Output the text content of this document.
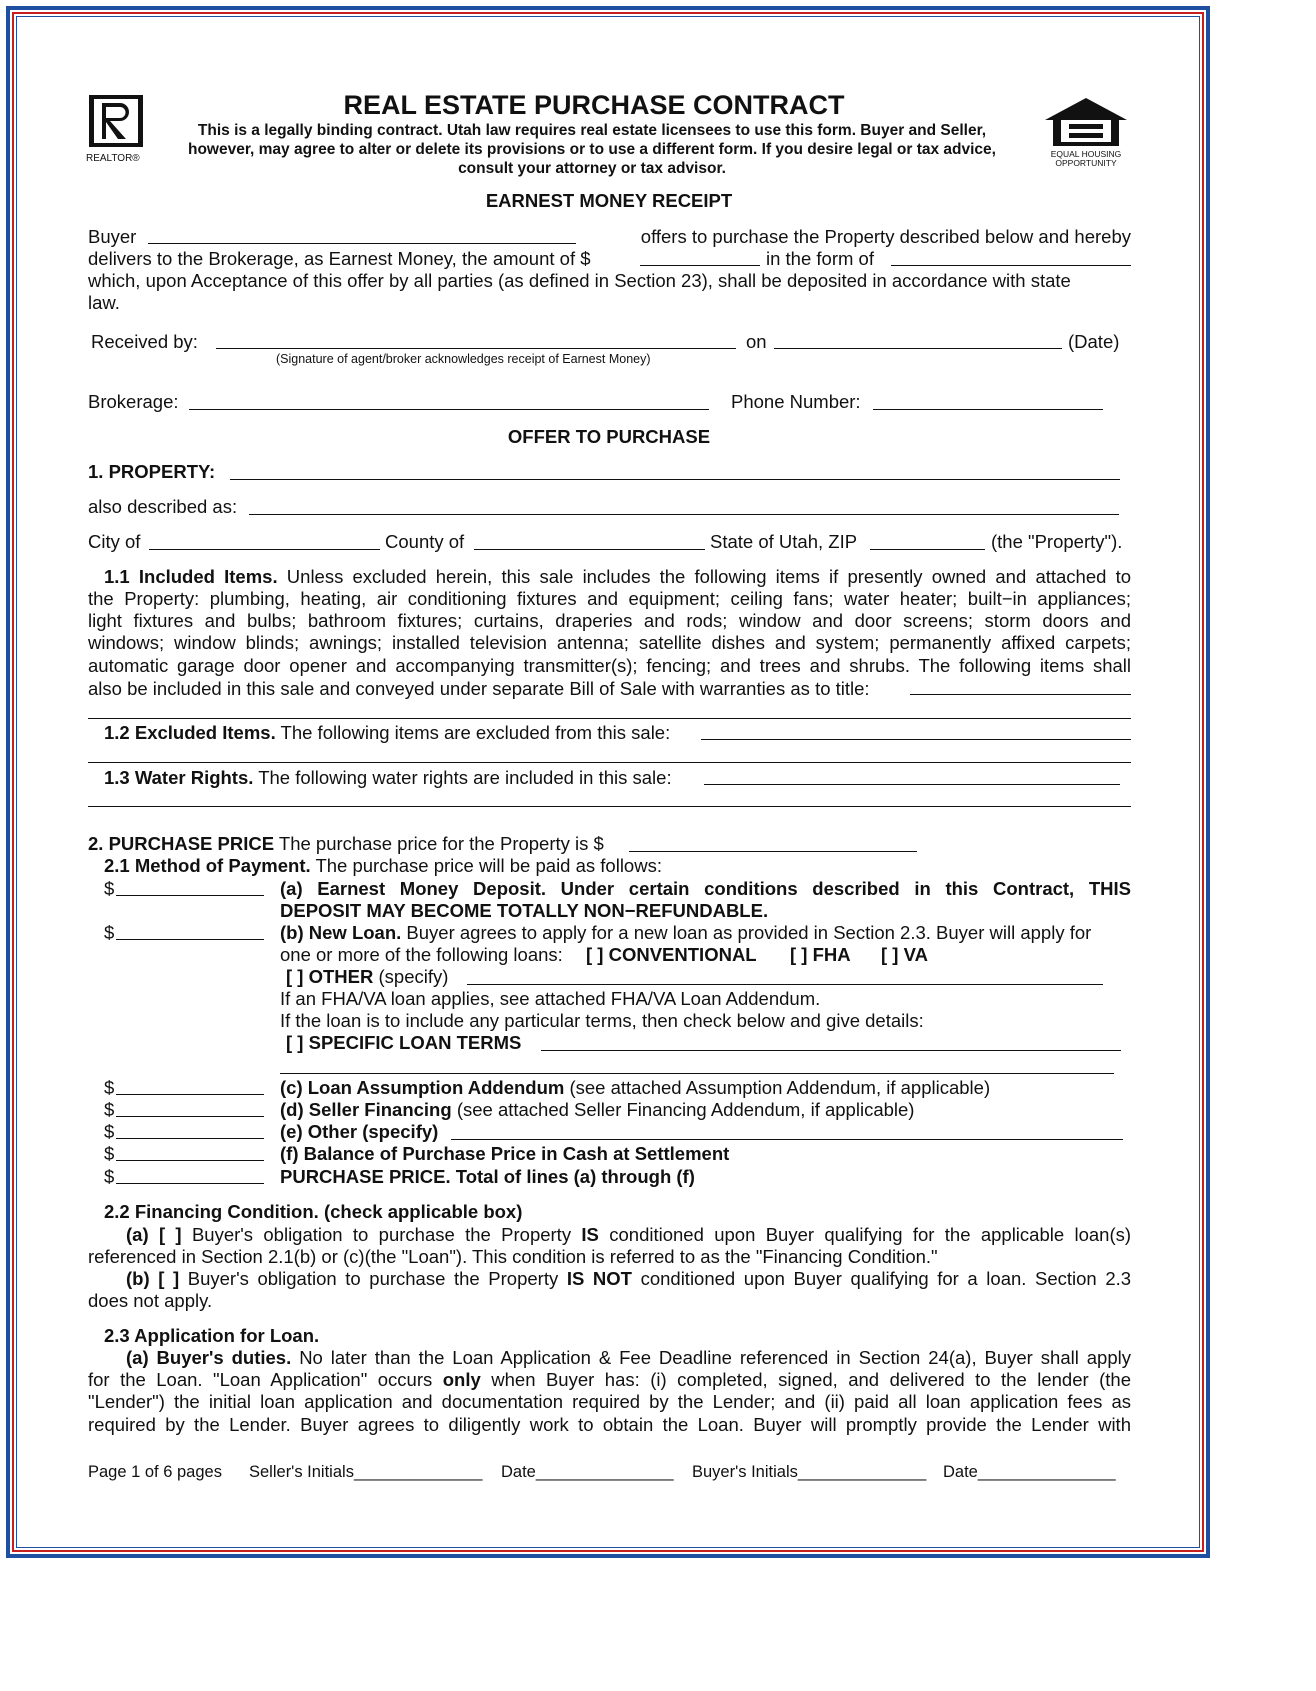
REALTOR®
REAL ESTATE PURCHASE CONTRACT
This is a legally binding contract. Utah law requires real estate licensees to use this form. Buyer and Seller,
however, may agree to alter or delete its provisions or to use a different form. If you desire legal or tax advice,
consult your attorney or tax advisor.
EQUAL HOUSING
OPPORTUNITY
EARNEST MONEY RECEIPT
Buyer	offers to purchase the Property described below and hereby
delivers to the Brokerage, as Earnest Money, the amount of $	in the form of
which, upon Acceptance of this offer by all parties (as defined in Section 23), shall be deposited in accordance with state
law.
Received by:	on	(Date)
(Signature of agent/broker acknowledges receipt of Earnest Money)
Brokerage:	Phone Number:
OFFER TO PURCHASE
1. PROPERTY:
also described as:
City of	County of	State of Utah, ZIP	(the "Property").
1.1 Included Items. Unless excluded herein, this sale includes the following items if presently owned and attached to
the Property: plumbing, heating, air conditioning fixtures and equipment; ceiling fans; water heater; built−in appliances;
light fixtures and bulbs; bathroom fixtures; curtains, draperies and rods; window and door screens; storm doors and
windows; window blinds; awnings; installed television antenna; satellite dishes and system; permanently affixed carpets;
automatic garage door opener and accompanying transmitter(s); fencing; and trees and shrubs. The following items shall
also be included in this sale and conveyed under separate Bill of Sale with warranties as to title:
1.2 Excluded Items. The following items are excluded from this sale:
1.3 Water Rights. The following water rights are included in this sale:
2. PURCHASE PRICE The purchase price for the Property is $
2.1 Method of Payment. The purchase price will be paid as follows:
$	(a) Earnest Money Deposit. Under certain conditions described in this Contract, THIS
DEPOSIT MAY BECOME TOTALLY NON−REFUNDABLE.
$	(b) New Loan. Buyer agrees to apply for a new loan as provided in Section 2.3. Buyer will apply for
one or more of the following loans: [ ] CONVENTIONAL [ ] FHA [ ] VA
[ ] OTHER (specify)
If an FHA/VA loan applies, see attached FHA/VA Loan Addendum.
If the loan is to include any particular terms, then check below and give details:
[ ] SPECIFIC LOAN TERMS
$	(c) Loan Assumption Addendum (see attached Assumption Addendum, if applicable)
$	(d) Seller Financing (see attached Seller Financing Addendum, if applicable)
$	(e) Other (specify)
$	(f) Balance of Purchase Price in Cash at Settlement
$	PURCHASE PRICE. Total of lines (a) through (f)
2.2 Financing Condition. (check applicable box)
(a) [ ] Buyer's obligation to purchase the Property IS conditioned upon Buyer qualifying for the applicable loan(s)
referenced in Section 2.1(b) or (c)(the "Loan"). This condition is referred to as the "Financing Condition."
(b) [ ] Buyer's obligation to purchase the Property IS NOT conditioned upon Buyer qualifying for a loan. Section 2.3
does not apply.
2.3 Application for Loan.
(a) Buyer's duties. No later than the Loan Application & Fee Deadline referenced in Section 24(a), Buyer shall apply
for the Loan. "Loan Application" occurs only when Buyer has: (i) completed, signed, and delivered to the lender (the
"Lender") the initial loan application and documentation required by the Lender; and (ii) paid all loan application fees as
required by the Lender. Buyer agrees to diligently work to obtain the Loan. Buyer will promptly provide the Lender with
Page 1 of 6 pages Seller's Initials______________ Date_______________ Buyer's Initials______________ Date_______________
